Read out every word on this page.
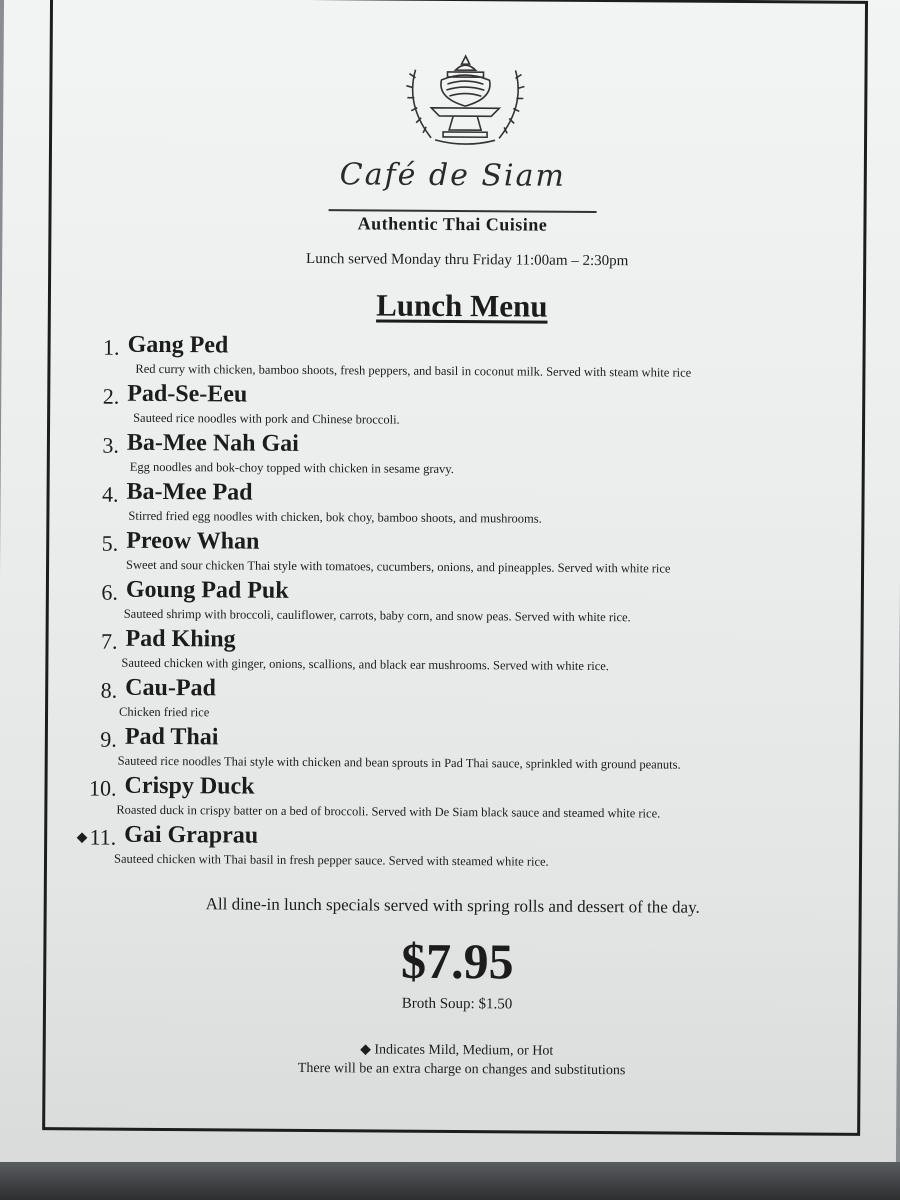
Café de Siam
Authentic Thai Cuisine
Lunch served Monday thru Friday 11:00am – 2:30pm
Lunch Menu
1. Gang Ped
Red curry with chicken, bamboo shoots, fresh peppers, and basil in coconut milk. Served with steam white rice
2. Pad-Se-Eeu
Sauteed rice noodles with pork and Chinese broccoli.
3. Ba-Mee Nah Gai
Egg noodles and bok-choy topped with chicken in sesame gravy.
4. Ba-Mee Pad
Stirred fried egg noodles with chicken, bok choy, bamboo shoots, and mushrooms.
5. Preow Whan
Sweet and sour chicken Thai style with tomatoes, cucumbers, onions, and pineapples. Served with white rice
6. Goung Pad Puk
Sauteed shrimp with broccoli, cauliflower, carrots, baby corn, and snow peas. Served with white rice.
7. Pad Khing
Sauteed chicken with ginger, onions, scallions, and black ear mushrooms. Served with white rice.
8. Cau-Pad
Chicken fried rice
9. Pad Thai
Sauteed rice noodles Thai style with chicken and bean sprouts in Pad Thai sauce, sprinkled with ground peanuts.
10. Crispy Duck
Roasted duck in crispy batter on a bed of broccoli. Served with De Siam black sauce and steamed white rice.
◆11. Gai Graprau
Sauteed chicken with Thai basil in fresh pepper sauce. Served with steamed white rice.
All dine-in lunch specials served with spring rolls and dessert of the day.
$7.95
Broth Soup: $1.50
◆ Indicates Mild, Medium, or Hot
There will be an extra charge on changes and substitutions
